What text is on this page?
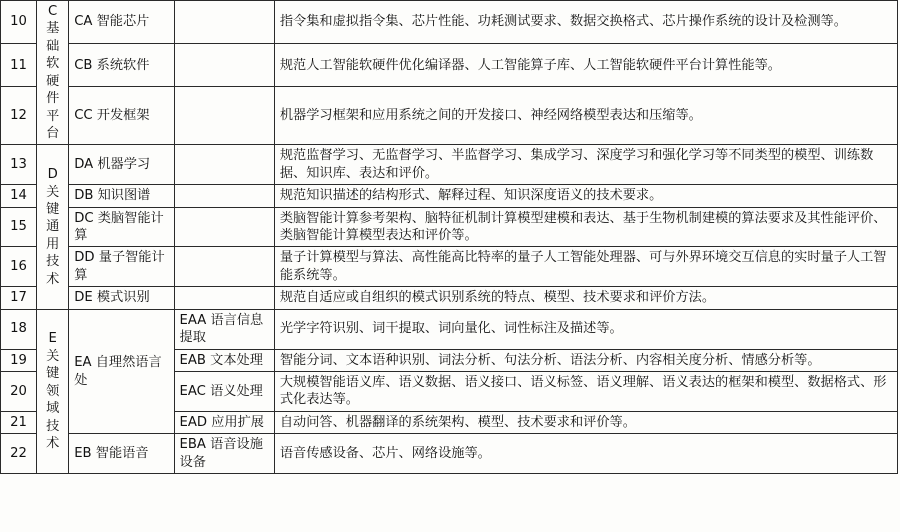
10	C 基础软硬件平台	CA 智能芯片		指令集和虚拟指令集、芯片性能、功耗测试要求、数据交换格式、芯片操作系统的设计及检测等。
11		CB 系统软件		规范人工智能软硬件优化编译器、人工智能算子库、人工智能软硬件平台计算性能等。
12		CC 开发框架		机器学习框架和应用系统之间的开发接口、神经网络模型表达和压缩等。
13	D 关键通用技术	DA 机器学习		规范监督学习、无监督学习、半监督学习、集成学习、深度学习和强化学习等不同类型的模型、训练数据、知识库、表达和评价。
14		DB 知识图谱		规范知识描述的结构形式、解释过程、知识深度语义的技术要求。
15		DC 类脑智能计算		类脑智能计算参考架构、脑特征机制计算模型建模和表达、基于生物机制建模的算法要求及其性能评价、类脑智能计算模型表达和评价等。
16		DD 量子智能计算		量子计算模型与算法、高性能高比特率的量子人工智能处理器、可与外界环境交互信息的实时量子人工智能系统等。
17		DE 模式识别		规范自适应或自组织的模式识别系统的特点、模型、技术要求和评价方法。
18	E 关键领域技术	EA 自理然语言处	EAA 语言信息提取	光学字符识别、词干提取、词向量化、词性标注及描述等。
19			EAB 文本处理	智能分词、文本语种识别、词法分析、句法分析、语法分析、内容相关度分析、情感分析等。
20			EAC 语义处理	大规模智能语义库、语义数据、语义接口、语义标签、语义理解、语义表达的框架和模型、数据格式、形式化表达等。
21			EAD 应用扩展	自动问答、机器翻译的系统架构、模型、技术要求和评价等。
22		EB 智能语音	EBA 语音设施设备	语音传感设备、芯片、网络设施等。
